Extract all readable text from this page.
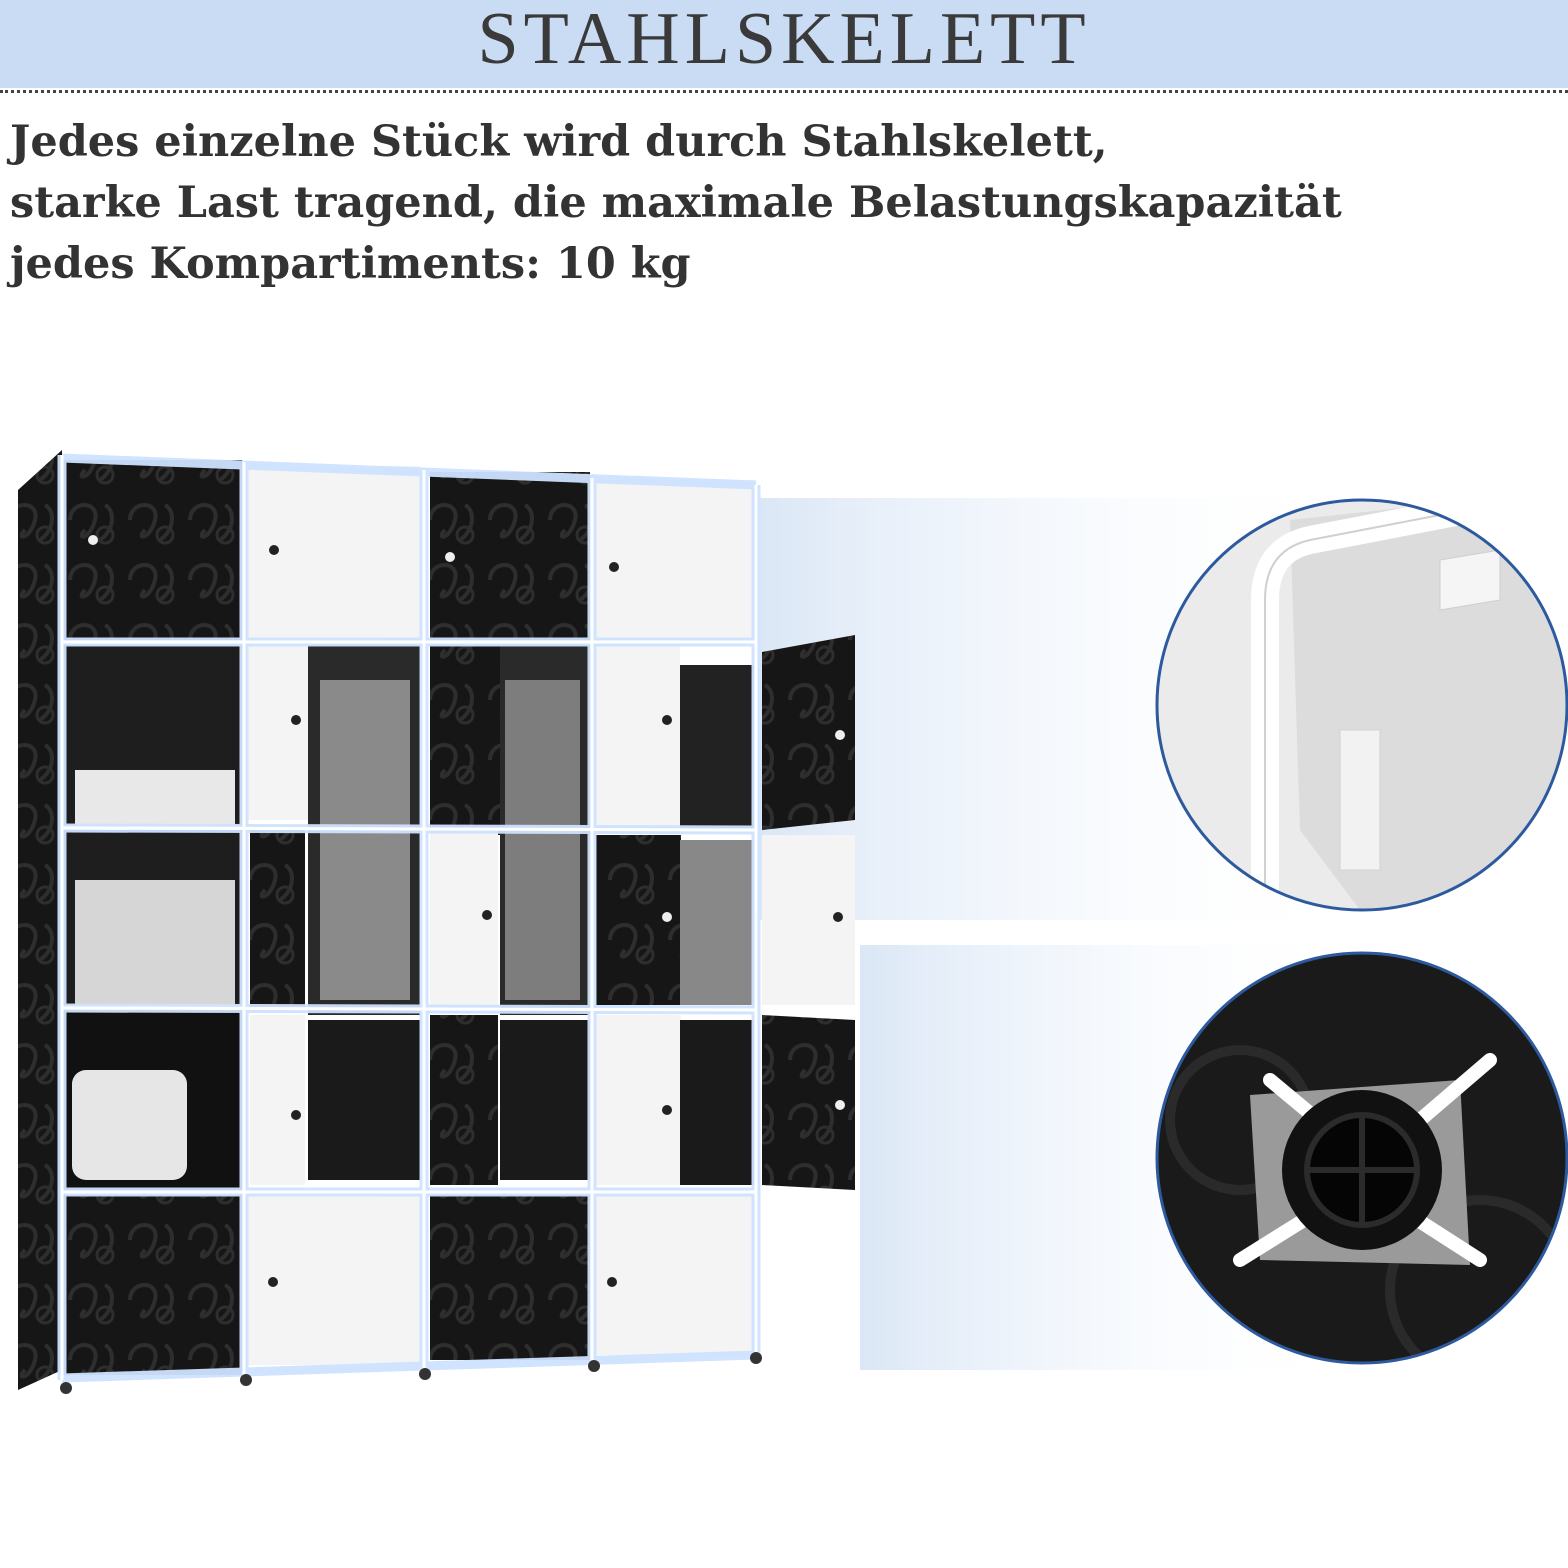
STAHLSKELETT
Jedes einzelne Stück wird durch Stahlskelett,
starke Last tragend, die maximale Belastungskapazität
jedes Kompartiments: 10 kg
